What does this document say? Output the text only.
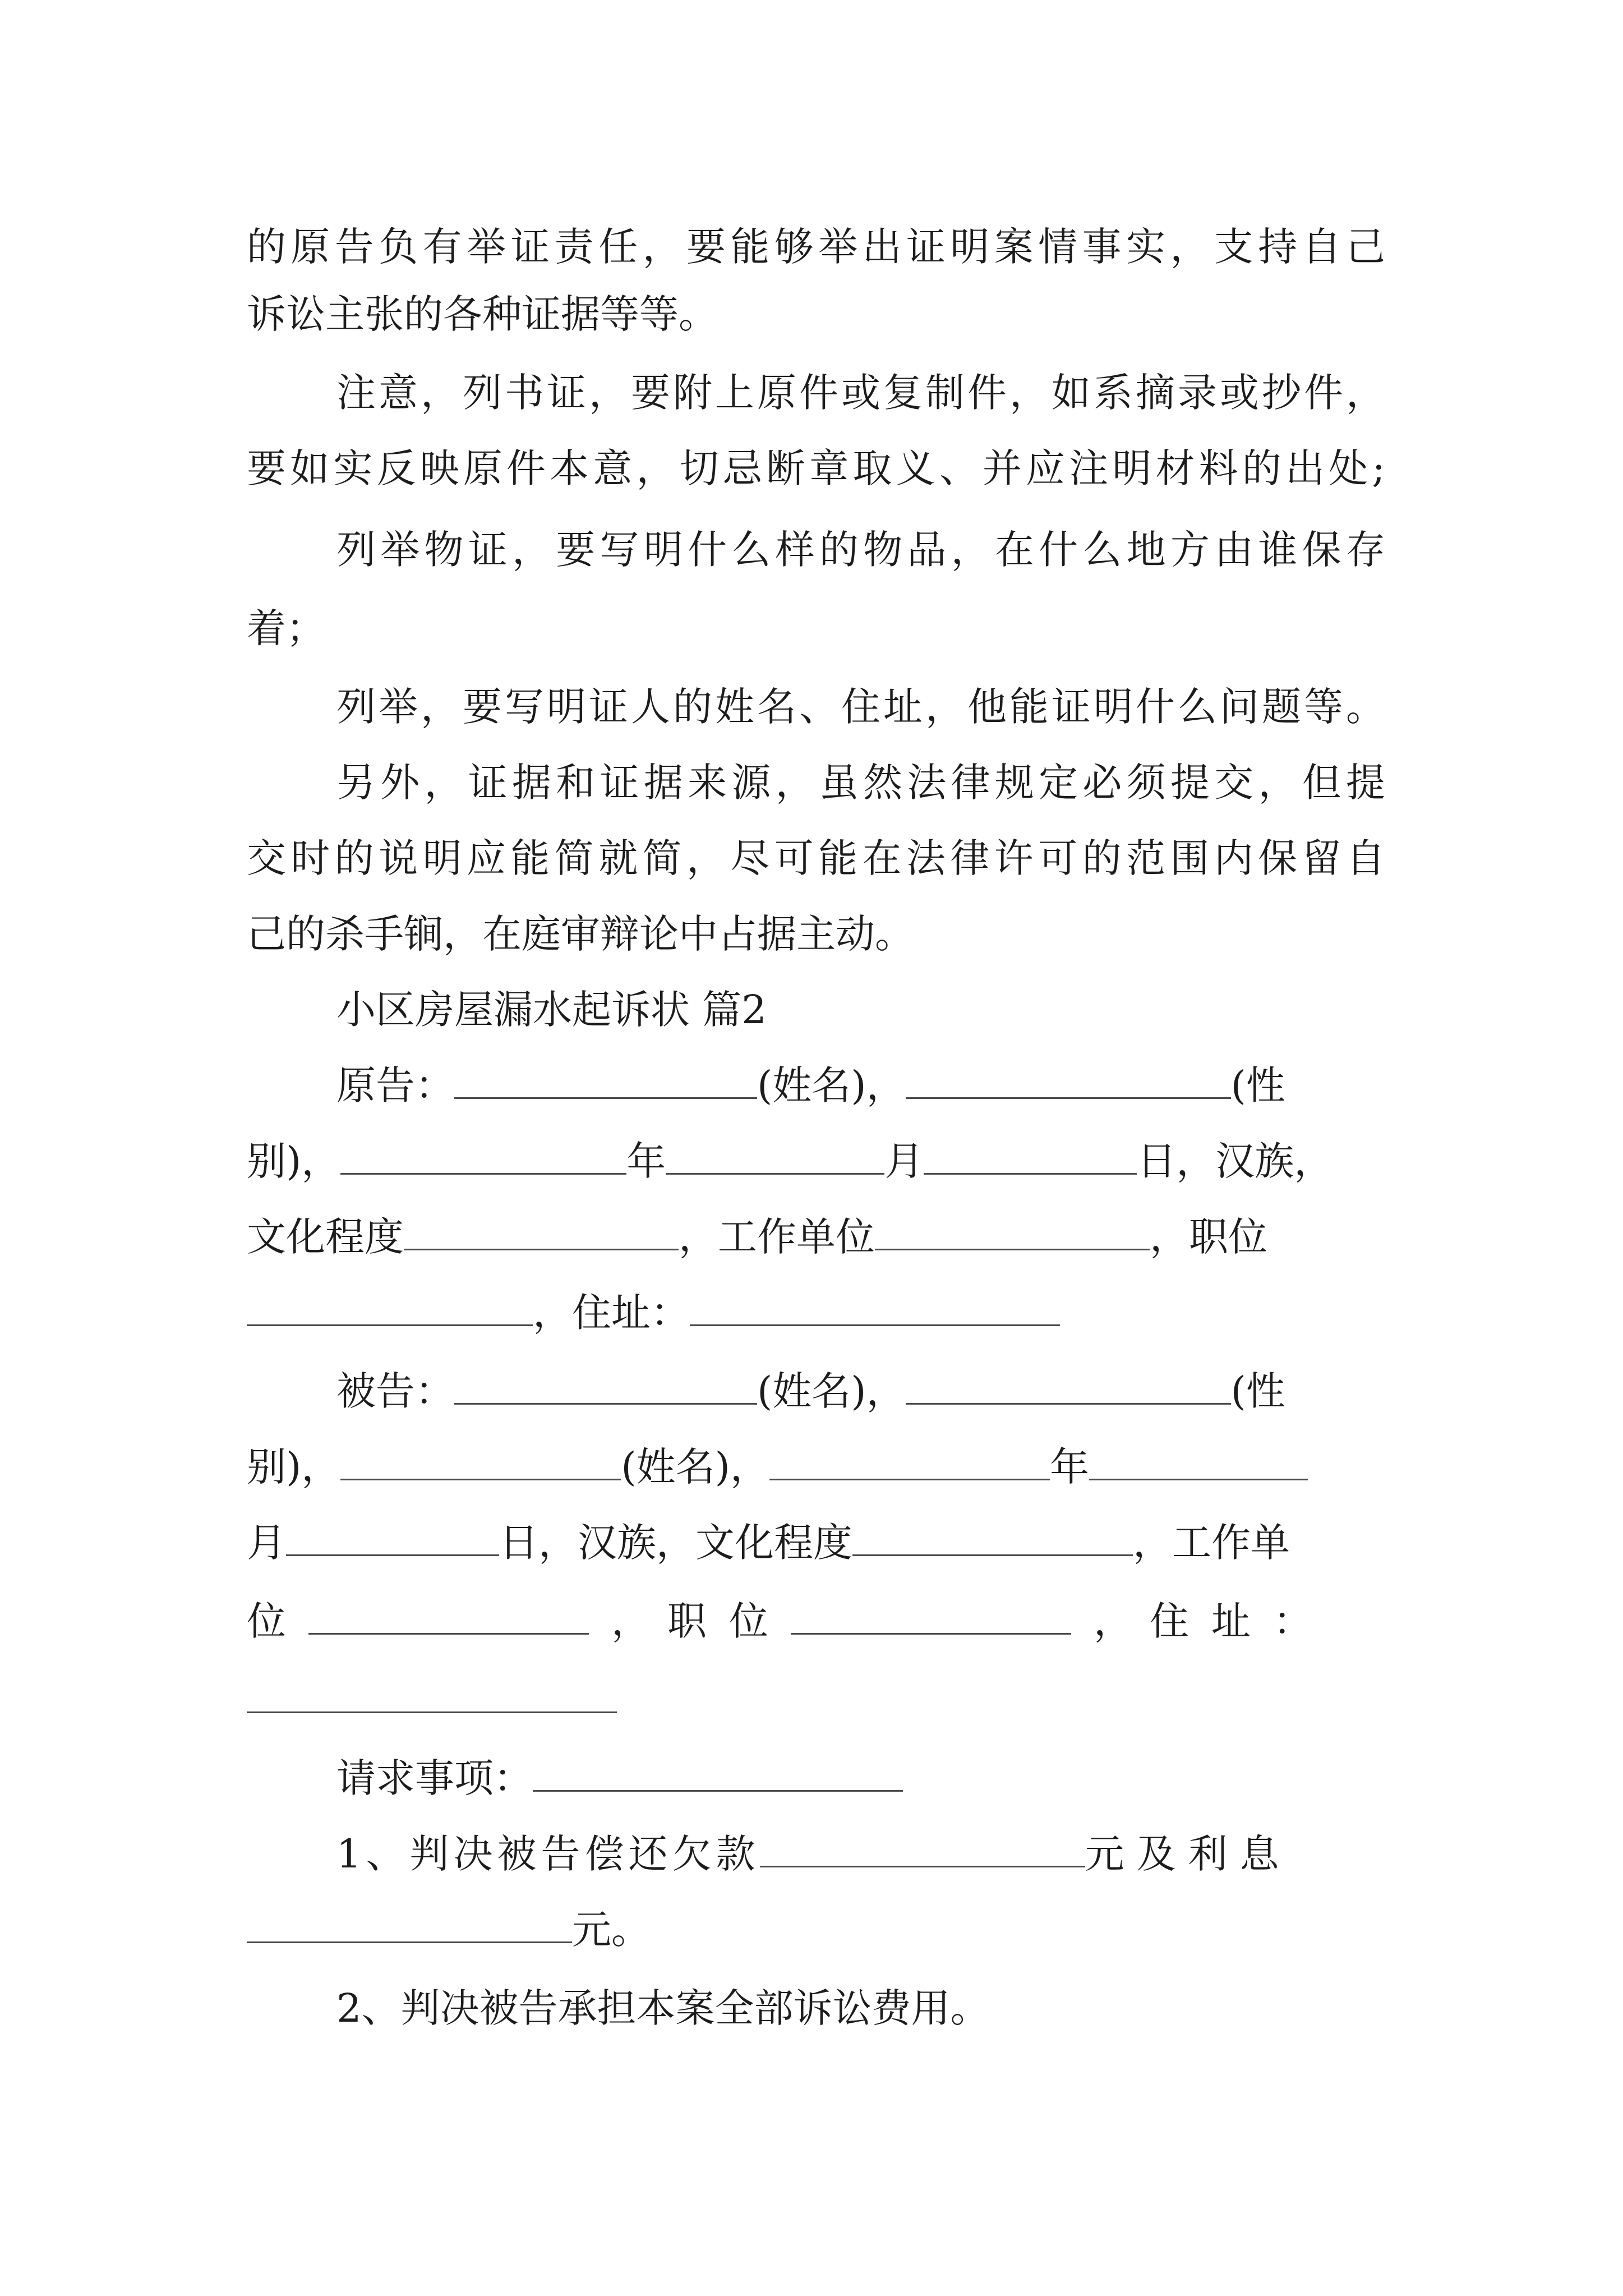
的原告负有举证责任，要能够举出证明案情事实，支持自己
诉讼主张的各种证据等等。
注意，列书证，要附上原件或复制件，如系摘录或抄件，
要如实反映原件本意，切忌断章取义、并应注明材料的出处;
列举物证，要写明什么样的物品，在什么地方由谁保存
着；
列举，要写明证人的姓名、住址，他能证明什么问题等。
另外，证据和证据来源，虽然法律规定必须提交，但提
交时的说明应能简就简，尽可能在法律许可的范围内保留自
己的杀手锏，在庭审辩论中占据主动。
小区房屋漏水起诉状 篇2
原告：	(姓名)，	(性
别)，	年	月	日，汉族，
文化程度	，工作单位	，职位
，住址：
被告：	(姓名)，	(性
别)，	(姓名)，	年
月	日，汉族，文化程度	，工作单
位	， 职 位	， 住 址 ：
请求事项：
1、判决被告偿还欠款	元及利息
元。
2、判决被告承担本案全部诉讼费用。
